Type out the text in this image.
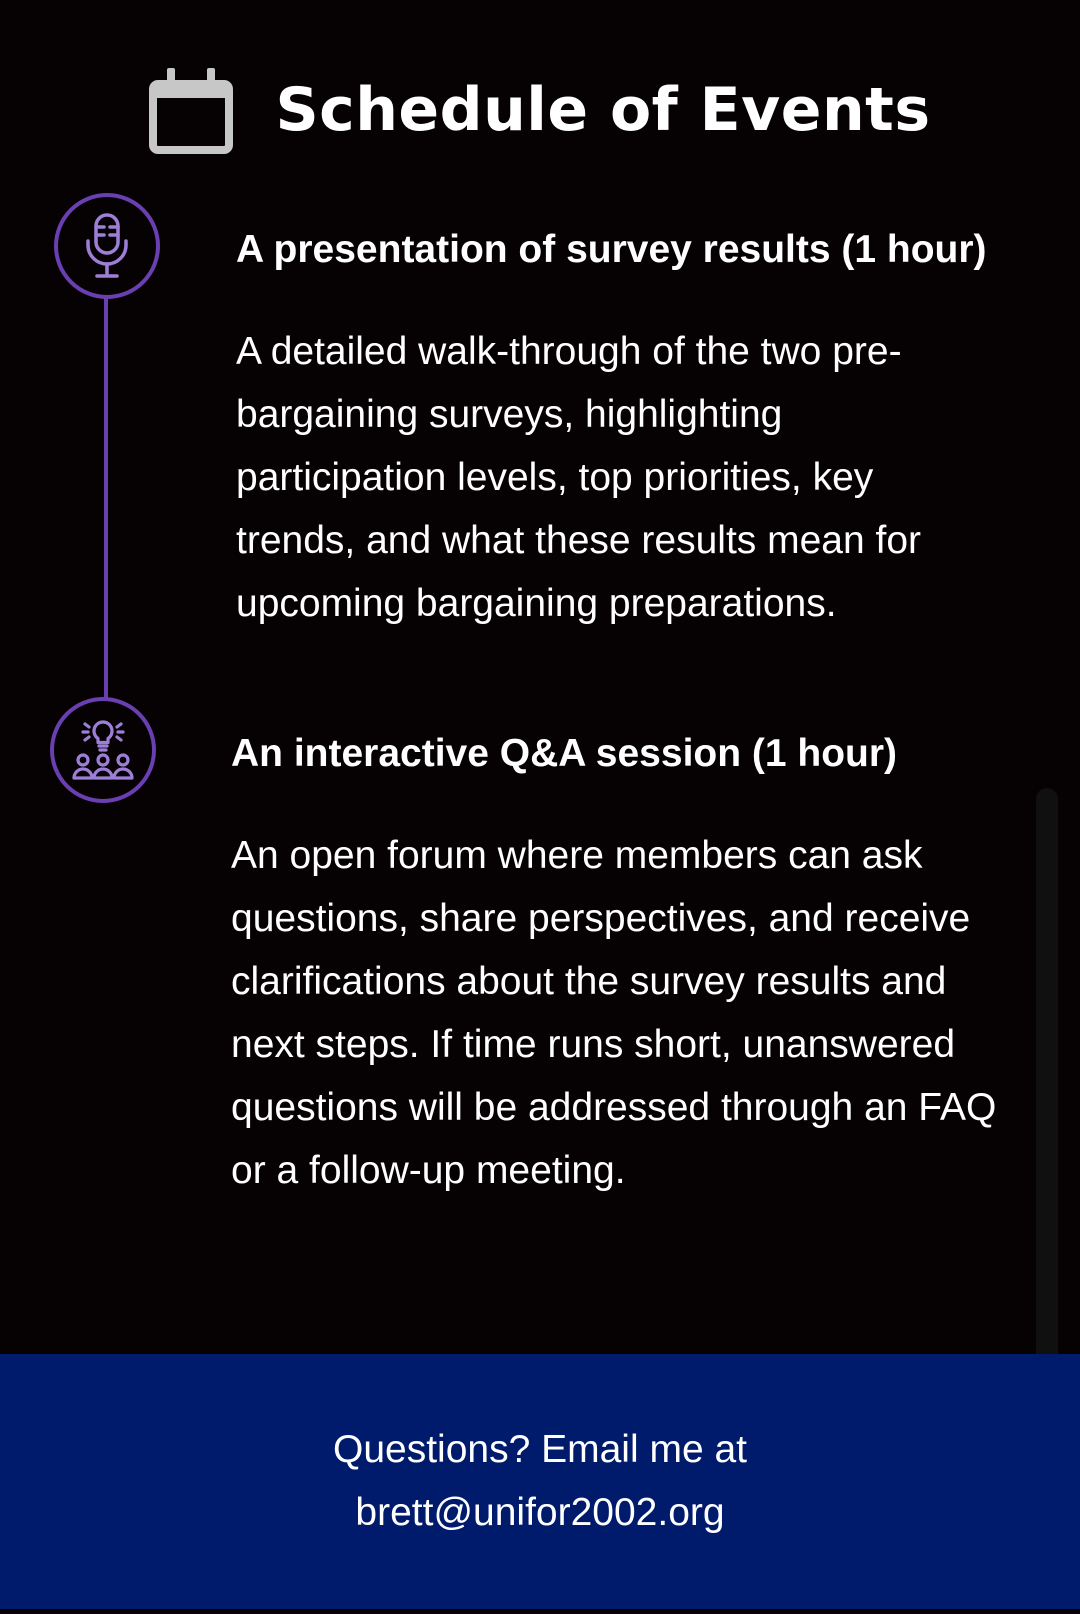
Schedule of Events
A presentation of survey results (1 hour)

A detailed walk-through of the two pre-bargaining surveys, highlighting participation levels, top priorities, key trends, and what these results mean for upcoming bargaining preparations.

An interactive Q&A session (1 hour)

An open forum where members can ask questions, share perspectives, and receive clarifications about the survey results and next steps. If time runs short, unanswered questions will be addressed through an FAQ or a follow-up meeting.

Questions? Email me at
brett@unifor2002.org
